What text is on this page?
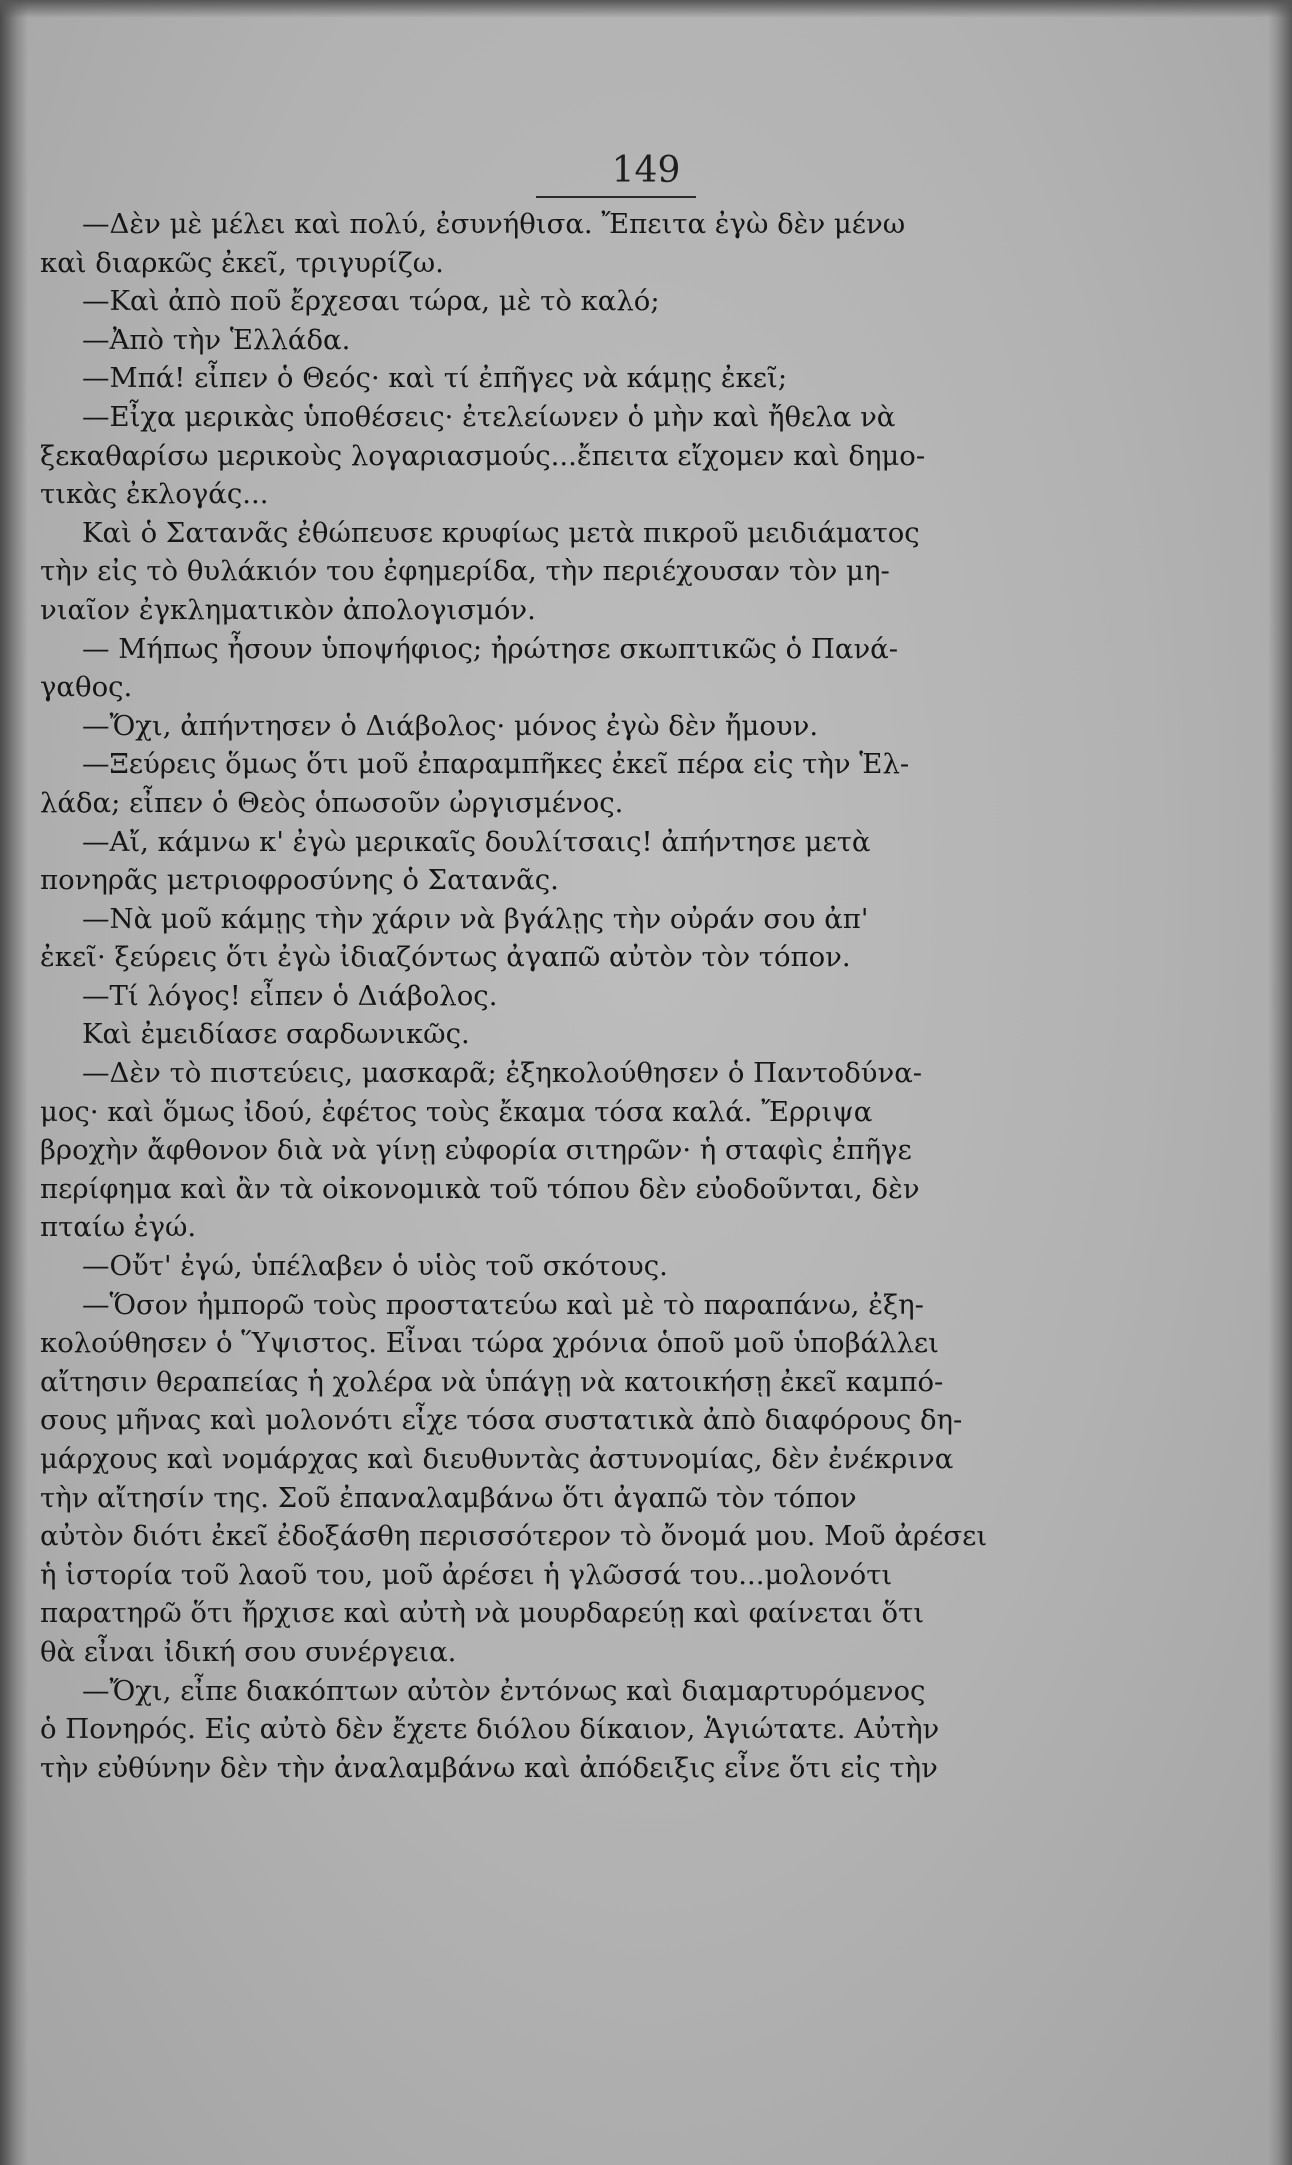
149
—Δὲν μὲ μέλει καὶ πολύ, ἐσυνήθισα. Ἔπειτα ἐγὼ δὲν μένω
καὶ διαρκῶς ἐκεῖ, τριγυρίζω.
—Καὶ ἀπὸ ποῦ ἔρχεσαι τώρα, μὲ τὸ καλό;
—Ἀπὸ τὴν Ἑλλάδα.
—Μπά! εἶπεν ὁ Θεός· καὶ τί ἐπῆγες νὰ κάμῃς ἐκεῖ;
—Εἶχα μερικὰς ὑποθέσεις· ἐτελείωνεν ὁ μὴν καὶ ἤθελα νὰ
ξεκαθαρίσω μερικοὺς λογαριασμούς...ἔπειτα εἴχομεν καὶ δημο-
τικὰς ἐκλογάς...
Καὶ ὁ Σατανᾶς ἐθώπευσε κρυφίως μετὰ πικροῦ μειδιάματος
τὴν εἰς τὸ θυλάκιόν του ἐφημερίδα, τὴν περιέχουσαν τὸν μη-
νιαῖον ἐγκληματικὸν ἀπολογισμόν.
— Μήπως ἦσουν ὑποψήφιος; ἠρώτησε σκωπτικῶς ὁ Πανά-
γαθος.
—Ὄχι, ἀπήντησεν ὁ Διάβολος· μόνος ἐγὼ δὲν ἤμουν.
—Ξεύρεις ὅμως ὅτι μοῦ ἐπαραμπῆκες ἐκεῖ πέρα εἰς τὴν Ἑλ-
λάδα; εἶπεν ὁ Θεὸς ὁπωσοῦν ὠργισμένος.
—Αἴ, κάμνω κ' ἐγὼ μερικαῖς δουλίτσαις! ἀπήντησε μετὰ
πονηρᾶς μετριοφροσύνης ὁ Σατανᾶς.
—Νὰ μοῦ κάμῃς τὴν χάριν νὰ βγάλῃς τὴν οὐράν σου ἀπ'
ἐκεῖ· ξεύρεις ὅτι ἐγὼ ἰδιαζόντως ἀγαπῶ αὐτὸν τὸν τόπον.
—Τί λόγος! εἶπεν ὁ Διάβολος.
Καὶ ἐμειδίασε σαρδωνικῶς.
—Δὲν τὸ πιστεύεις, μασκαρᾶ; ἐξηκολούθησεν ὁ Παντοδύνα-
μος· καὶ ὅμως ἰδού, ἐφέτος τοὺς ἔκαμα τόσα καλά. Ἔρριψα
βροχὴν ἄφθονον διὰ νὰ γίνῃ εὐφορία σιτηρῶν· ἡ σταφὶς ἐπῆγε
περίφημα καὶ ἂν τὰ οἰκονομικὰ τοῦ τόπου δὲν εὐοδοῦνται, δὲν
πταίω ἐγώ.
—Οὔτ' ἐγώ, ὑπέλαβεν ὁ υἱὸς τοῦ σκότους.
—Ὅσον ἠμπορῶ τοὺς προστατεύω καὶ μὲ τὸ παραπάνω, ἐξη-
κολούθησεν ὁ Ὕψιστος. Εἶναι τώρα χρόνια ὁποῦ μοῦ ὑποβάλλει
αἴτησιν θεραπείας ἡ χολέρα νὰ ὑπάγῃ νὰ κατοικήσῃ ἐκεῖ καμπό-
σους μῆνας καὶ μολονότι εἶχε τόσα συστατικὰ ἀπὸ διαφόρους δη-
μάρχους καὶ νομάρχας καὶ διευθυντὰς ἀστυνομίας, δὲν ἐνέκρινα
τὴν αἴτησίν της. Σοῦ ἐπαναλαμβάνω ὅτι ἀγαπῶ τὸν τόπον
αὐτὸν διότι ἐκεῖ ἐδοξάσθη περισσότερον τὸ ὄνομά μου. Μοῦ ἀρέσει
ἡ ἱστορία τοῦ λαοῦ του, μοῦ ἀρέσει ἡ γλῶσσά του...μολονότι
παρατηρῶ ὅτι ἤρχισε καὶ αὐτὴ νὰ μουρδαρεύῃ καὶ φαίνεται ὅτι
θὰ εἶναι ἰδική σου συνέργεια.
—Ὄχι, εἶπε διακόπτων αὐτὸν ἐντόνως καὶ διαμαρτυρόμενος
ὁ Πονηρός. Εἰς αὐτὸ δὲν ἔχετε διόλου δίκαιον, Ἁγιώτατε. Αὐτὴν
τὴν εὐθύνην δὲν τὴν ἀναλαμβάνω καὶ ἀπόδειξις εἶνε ὅτι εἰς τὴν
